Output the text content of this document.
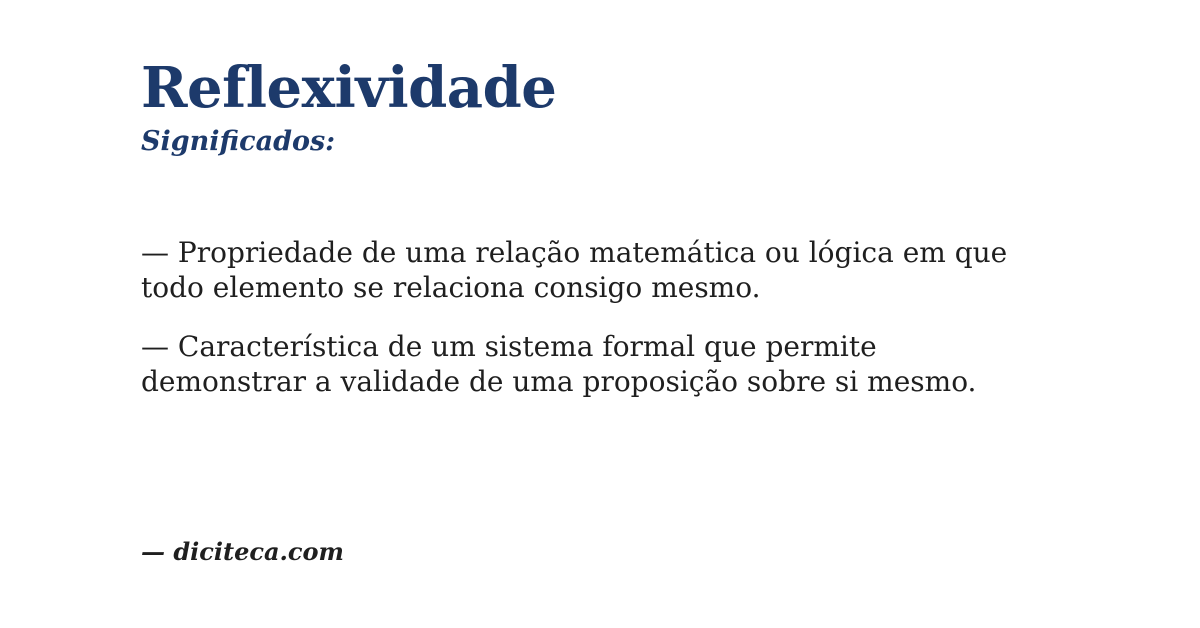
Reflexividade
Significados:

— Propriedade de uma relação matemática ou lógica em que todo elemento se relaciona consigo mesmo.

— Característica de um sistema formal que permite demonstrar a validade de uma proposição sobre si mesmo.

— diciteca.com
